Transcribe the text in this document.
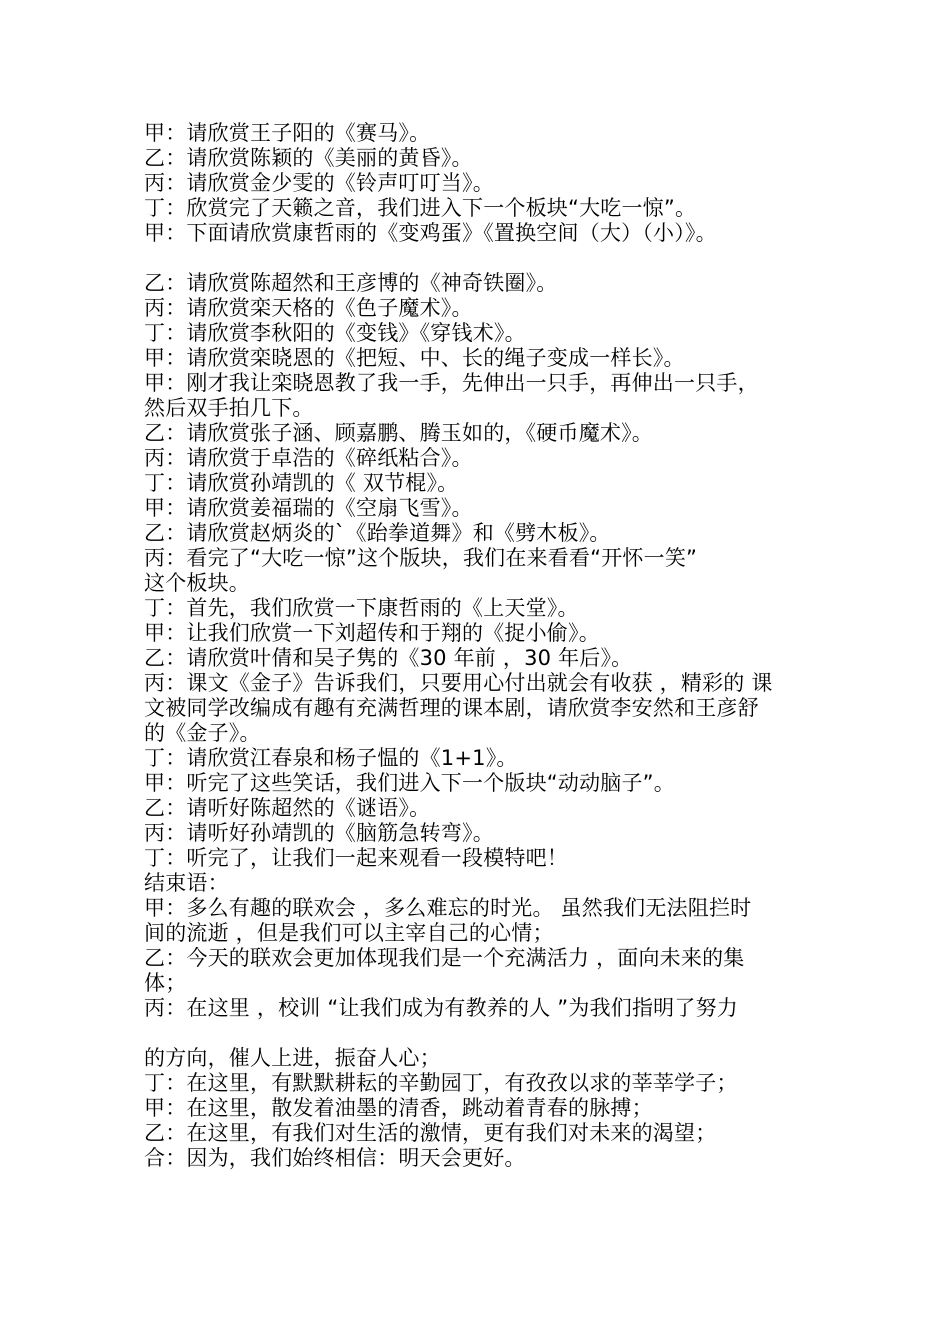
甲：请欣赏王子阳的《赛马》。
乙：请欣赏陈颖的《美丽的黄昏》。
丙：请欣赏金少雯的《铃声叮叮当》。
丁：欣赏完了天籁之音，我们进入下一个板块“大吃一惊”。
甲：下面请欣赏康哲雨的《变鸡蛋》《置换空间（大）（小）》。
乙：请欣赏陈超然和王彦博的《神奇铁圈》。
丙：请欣赏栾天格的《色子魔术》。
丁：请欣赏李秋阳的《变钱》《穿钱术》。
甲：请欣赏栾晓恩的《把短、中、长的绳子变成一样长》。
甲：刚才我让栾晓恩教了我一手，先伸出一只手，再伸出一只手，
然后双手拍几下。
乙：请欣赏张子涵、顾嘉鹏、腾玉如的，《硬币魔术》。
丙：请欣赏于卓浩的《碎纸粘合》。
丁：请欣赏孙靖凯的《 双节棍》。
甲：请欣赏姜福瑞的《空扇飞雪》。
乙：请欣赏赵炳炎的`《跆拳道舞》和《劈木板》。
丙：看完了“大吃一惊”这个版块，我们在来看看“开怀一笑”
这个板块。
丁：首先，我们欣赏一下康哲雨的《上天堂》。
甲：让我们欣赏一下刘超传和于翔的《捉小偷》。
乙：请欣赏叶倩和吴子隽的《30 年前 ，30 年后》。
丙：课文《金子》告诉我们，只要用心付出就会有收获 ，精彩的 课
文被同学改编成有趣有充满哲理的课本剧，请欣赏李安然和王彦舒
的《金子》。
丁：请欣赏江春泉和杨子愠的《1+1》。
甲：听完了这些笑话，我们进入下一个版块“动动脑子”。
乙：请听好陈超然的《谜语》。
丙：请听好孙靖凯的《脑筋急转弯》。
丁：听完了，让我们一起来观看一段模特吧！
结束语：
甲：多么有趣的联欢会 ，多么难忘的时光。 虽然我们无法阻拦时
间的流逝 ，但是我们可以主宰自己的心情；
乙：今天的联欢会更加体现我们是一个充满活力 ，面向未来的集
体；
丙：在这里 ，校训 “让我们成为有教养的人 ”为我们指明了努力
的方向，催人上进，振奋人心；
丁：在这里，有默默耕耘的辛勤园丁，有孜孜以求的莘莘学子；
甲：在这里，散发着油墨的清香，跳动着青春的脉搏；
乙：在这里，有我们对生活的激情，更有我们对未来的渴望；
合：因为，我们始终相信：明天会更好。
